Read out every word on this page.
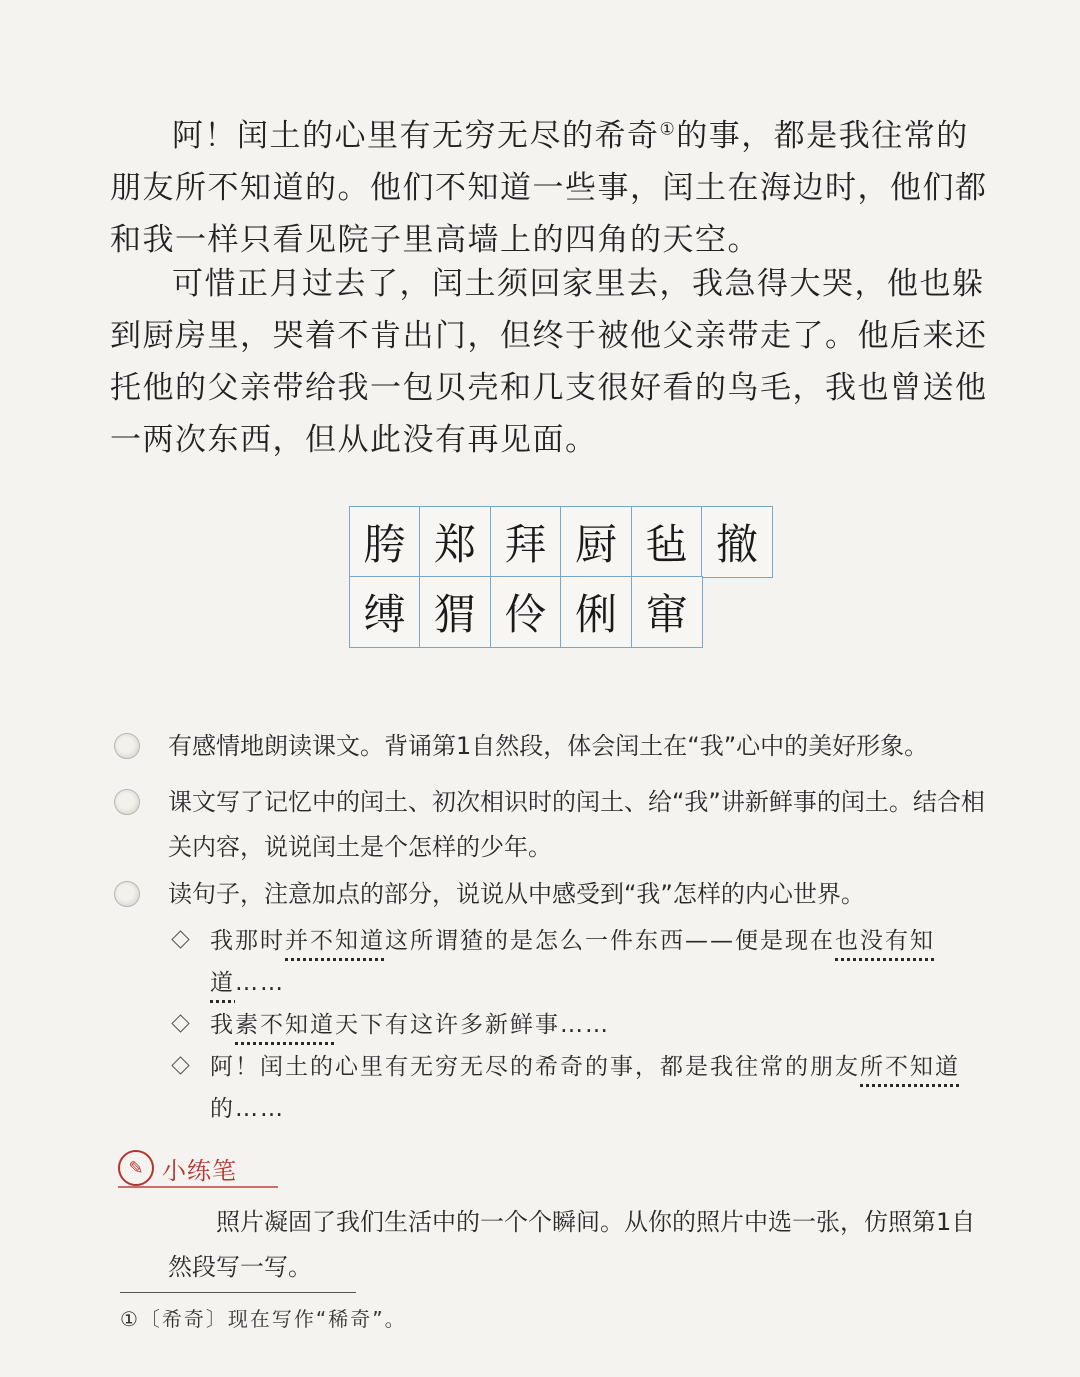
阿！闰土的心里有无穷无尽的希奇①的事，都是我往常的朋友所不知道的。他们不知道一些事，闰土在海边时，他们都和我一样只看见院子里高墙上的四角的天空。

可惜正月过去了，闰土须回家里去，我急得大哭，他也躲到厨房里，哭着不肯出门，但终于被他父亲带走了。他后来还托他的父亲带给我一包贝壳和几支很好看的鸟毛，我也曾送他一两次东西，但从此没有再见面。

胯 郑 拜 厨 毡 撤
缚 猬 伶 俐 窜
有感情地朗读课文。背诵第1自然段，体会闰土在“我”心中的美好形象。
课文写了记忆中的闰土、初次相识时的闰土、给“我”讲新鲜事的闰土。结合相关内容，说说闰土是个怎样的少年。
读句子，注意加点的部分，说说从中感受到“我”怎样的内心世界。
我那时并不知道这所谓猹的是怎么一件东西——便是现在也没有知道……
我素不知道天下有这许多新鲜事……
阿！闰土的心里有无穷无尽的希奇的事，都是我往常的朋友所不知道的……
✎ 小练笔
照片凝固了我们生活中的一个个瞬间。从你的照片中选一张，仿照第1自然段写一写。
①〔希奇〕现在写作“稀奇”。
